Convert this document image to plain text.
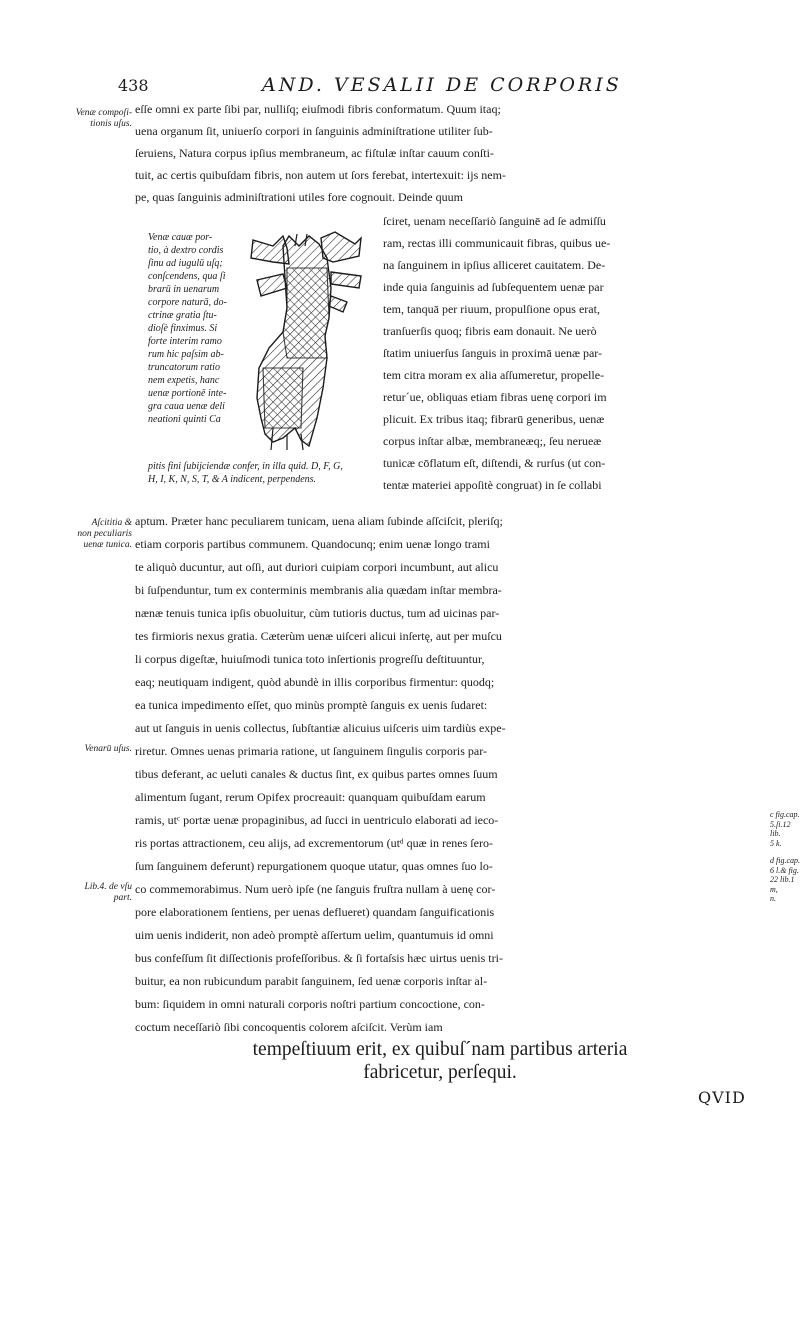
438	AND. VESALII DE CORPORIS
eſſe omni ex parte ſibi par, nulliſq; eiuſmodi fibris conformatum. Quum itaq;
uena organum ſit, uniuerſo corpori in ſanguinis adminiſtratione utiliter ſub-
ſeruiens, Natura corpus ipſius membraneum, ac fiſtulæ inſtar cauum conſti-
tuit, ac certis quibuſdam fibris, non autem ut ſors ferebat, intertexuit: ijs nem-
pe, quas ſanguinis adminiſtrationi utiles fore cognouit. Deinde quum
ſciret, uenam neceſſariò ſanguinē ad ſe admiſſu
ram, rectas illi communicauit fibras, quibus ue-
na ſanguinem in ipſius alliceret cauitatem. De-
inde quia ſanguinis ad ſubſequentem uenæ par
tem, tanquā per riuum, propulſione opus erat,
tranſuerſis quoq; fibris eam donauit. Ne uerò
ſtatim uniuerſus ſanguis in proximā uenæ par-
tem citra moram ex alia aſſumeretur, propelle-
retur´ue, obliquas etiam fibras uenę corpori im
plicuit. Ex tribus itaq; fibrarū generibus, uenæ
corpus inſtar albæ, membraneæq;, ſeu nerueæ
tunicæ cōflatum eſt, diſtendi, & rurſus (ut con-
tentæ materiei appoſitè congruat) in ſe collabi
Venæ cauæ por-
tio, à dextro cordis
ſinu ad iugulū uſq;
conſcendens, qua ſi
brarū in uenarum
corpore naturā, do-
ctrinæ gratia ſtu-
dioſè finximus. Si
forte interim ramo
rum hic paſsim ab-
truncatorum ratio
nem expetis, hanc
uenæ portionē inte-
gra caua uenæ deli
neationi quinti Ca
pitis fini ſubijciendæ confer, in illa quid. D, F, G,
H, I, K, N, S, T, & A indicent, perpendens.
aptum. Præter hanc peculiarem tunicam, uena aliam ſubinde aſſciſcit, pleriſq;
etiam corporis partibus communem. Quandocunq; enim uenæ longo trami
te aliquò ducuntur, aut oſſi, aut duriori cuipiam corpori incumbunt, aut alicu
bi ſuſpenduntur, tum ex conterminis membranis alia quædam inſtar membra-
nænæ tenuis tunica ipſis obuoluitur, cùm tutioris ductus, tum ad uicinas par-
tes firmioris nexus gratia. Cæterùm uenæ uiſceri alicui inſertę, aut per muſcu
li corpus digeſtæ, huiuſmodi tunica toto inſertionis progreſſu deſtituuntur,
eaq; neutiquam indigent, quòd abundè in illis corporibus firmentur: quodq;
ea tunica impedimento eſſet, quo minùs promptè ſanguis ex uenis ſudaret:
aut ut ſanguis in uenis collectus, ſubſtantiæ alicuius uiſceris uim tardiùs expe-
riretur. Omnes uenas primaria ratione, ut ſanguinem ſingulis corporis par-
tibus deferant, ac ueluti canales & ductus ſint, ex quibus partes omnes ſuum
alimentum ſugant, rerum Opifex procreauit: quanquam quibuſdam earum
ramis, utᶜ portæ uenæ propaginibus, ad ſucci in uentriculo elaborati ad ieco-
ris portas attractionem, ceu alijs, ad excrementorum (utᵈ quæ in renes ſero-
ſum ſanguinem deferunt) repurgationem quoque utatur, quas omnes ſuo lo-
co commemorabimus. Num uerò ipſe (ne ſanguis fruſtra nullam à uenę cor-
pore elaborationem ſentiens, per uenas deflueret) quandam ſanguificationis
uim uenis indiderit, non adeò promptè aſſertum uelim, quantumuis id omni
bus confeſſum ſit diſſectionis profeſſoribus. & ſi fortaſsis hæc uirtus uenis tri-
buitur, ea non rubicundum parabit ſanguinem, ſed uenæ corporis inſtar al-
bum: ſiquidem in omni naturali corporis noſtri partium concoctione, con-
coctum neceſſariò ſibi concoquentis colorem aſciſcit. Verùm iam
tempeſtiuum erit, ex quibuſ´nam partibus arteria
fabricetur, perſequi.
Venæ compoſi-
tionis uſus.
Aſcititia &
non peculiaris
uenæ tunica.
Venarū uſus.
Lib.4. de vſu
part.
c fig.cap.
5.ſi.12 lib.
5 k.
d fig.cap.
6 l.& fig.
22 lib.1 m,
n.
QVID
